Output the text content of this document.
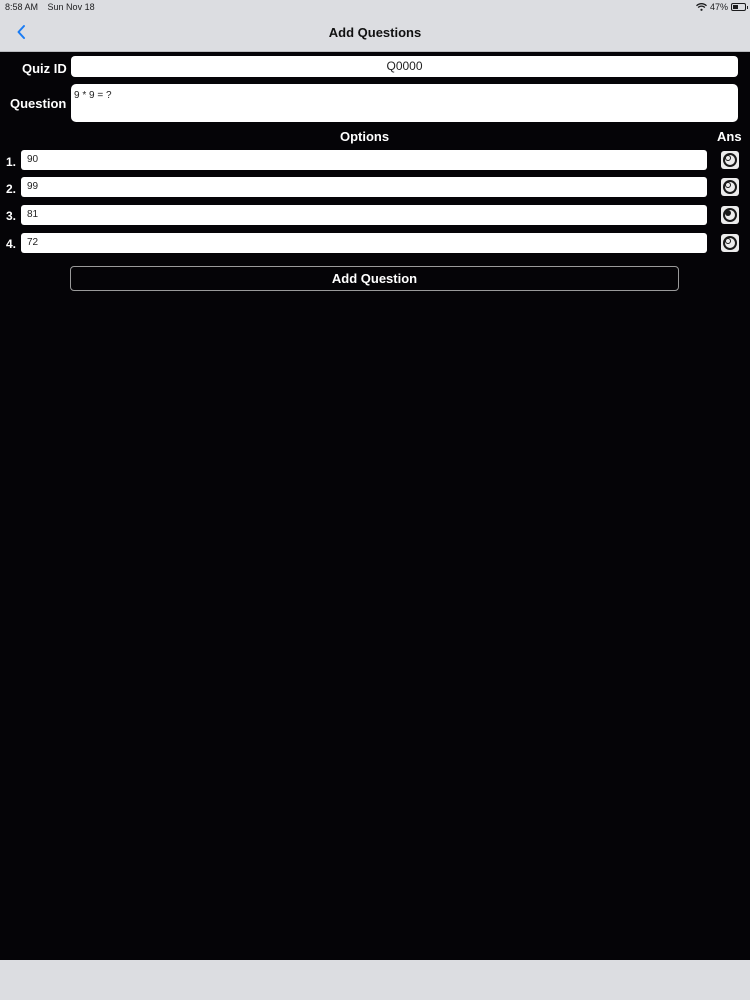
8:58 AM Sun Nov 18	47%
Add Questions
Quiz ID	Q0000
Question
9 * 9 = ?
Options	Ans
1.	90
2.	99
3.	81
4.	72
Add Question
